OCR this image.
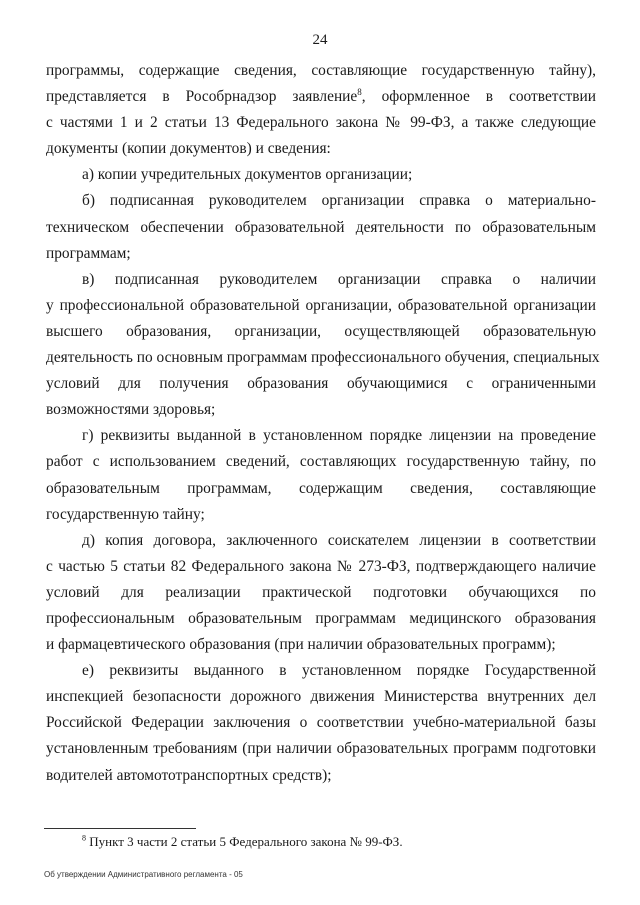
24
программы, содержащие сведения, составляющие государственную тайну),
представляется в Рособрнадзор заявление$^8$, оформленное в соответствии
с частями 1 и 2 статьи 13 Федерального закона № 99-ФЗ, а также следующие
документы (копии документов) и сведения:
а) копии учредительных документов организации;
б) подписанная руководителем организации справка о материально-
техническом обеспечении образовательной деятельности по образовательным
программам;
в) подписанная руководителем организации справка о наличии
у профессиональной образовательной организации, образовательной организации
высшего образования, организации, осуществляющей образовательную
деятельность по основным программам профессионального обучения, специальных
условий для получения образования обучающимися с ограниченными
возможностями здоровья;
г) реквизиты выданной в установленном порядке лицензии на проведение
работ с использованием сведений, составляющих государственную тайну, по
образовательным программам, содержащим сведения, составляющие
государственную тайну;
д) копия договора, заключенного соискателем лицензии в соответствии
с частью 5 статьи 82 Федерального закона № 273-ФЗ, подтверждающего наличие
условий для реализации практической подготовки обучающихся по
профессиональным образовательным программам медицинского образования
и фармацевтического образования (при наличии образовательных программ);
е) реквизиты выданного в установленном порядке Государственной
инспекцией безопасности дорожного движения Министерства внутренних дел
Российской Федерации заключения о соответствии учебно-материальной базы
установленным требованиям (при наличии образовательных программ подготовки
водителей автомототранспортных средств);
$^8$ Пункт 3 части 2 статьи 5 Федерального закона № 99-ФЗ.
Об утверждении Административного регламента - 05
